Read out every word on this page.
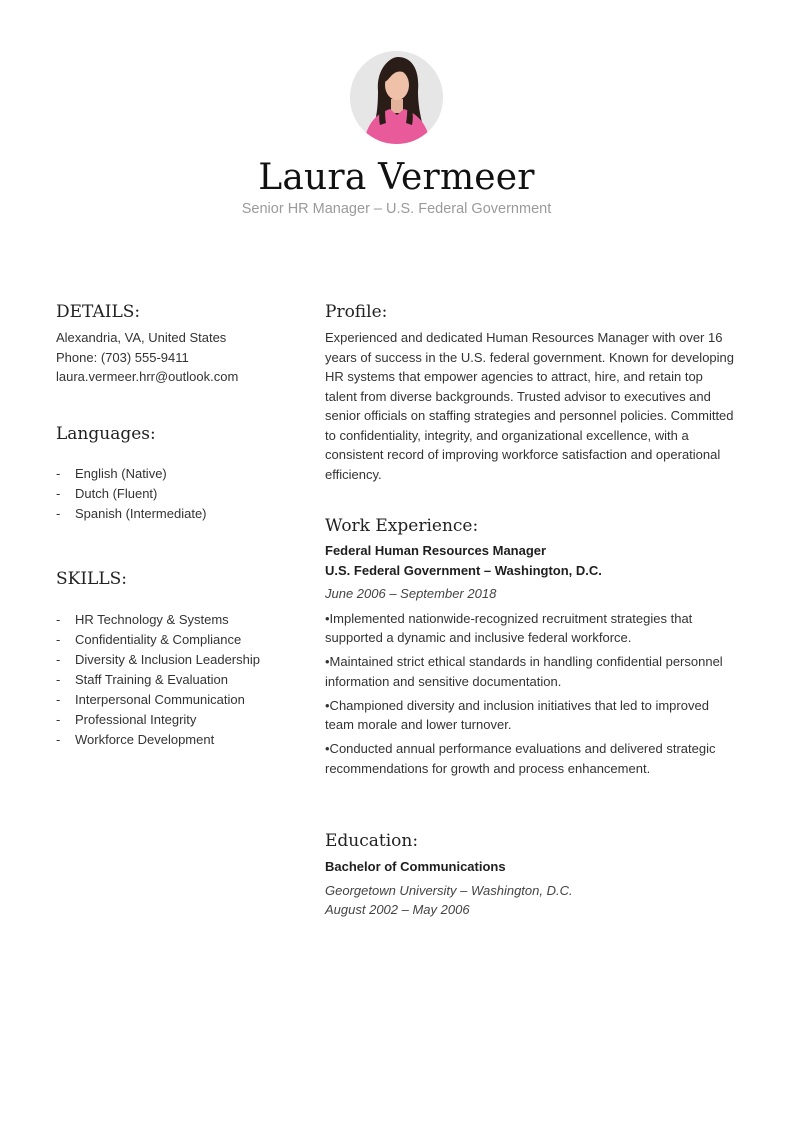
Laura Vermeer
Senior HR Manager – U.S. Federal Government
DETAILS:
Alexandria, VA, United States
Phone: (703) 555-9411
laura.vermeer.hrr@outlook.com
Languages:
-	English (Native)
-	Dutch (Fluent)
-	Spanish (Intermediate)
SKILLS:
-	HR Technology & Systems
-	Confidentiality & Compliance
-	Diversity & Inclusion Leadership
-	Staff Training & Evaluation
-	Interpersonal Communication
-	Professional Integrity
-	Workforce Development
Profile:
Experienced and dedicated Human Resources Manager with over 16 years of success in the U.S. federal government. Known for developing HR systems that empower agencies to attract, hire, and retain top talent from diverse backgrounds. Trusted advisor to executives and senior officials on staffing strategies and personnel policies. Committed to confidentiality, integrity, and organizational excellence, with a consistent record of improving workforce satisfaction and operational efficiency.
Work Experience:
Federal Human Resources Manager
U.S. Federal Government – Washington, D.C.
June 2006 – September 2018
•Implemented nationwide-recognized recruitment strategies that supported a dynamic and inclusive federal workforce.
•Maintained strict ethical standards in handling confidential personnel information and sensitive documentation.
•Championed diversity and inclusion initiatives that led to improved team morale and lower turnover.
•Conducted annual performance evaluations and delivered strategic recommendations for growth and process enhancement.
Education:
Bachelor of Communications
Georgetown University – Washington, D.C.
August 2002 – May 2006
